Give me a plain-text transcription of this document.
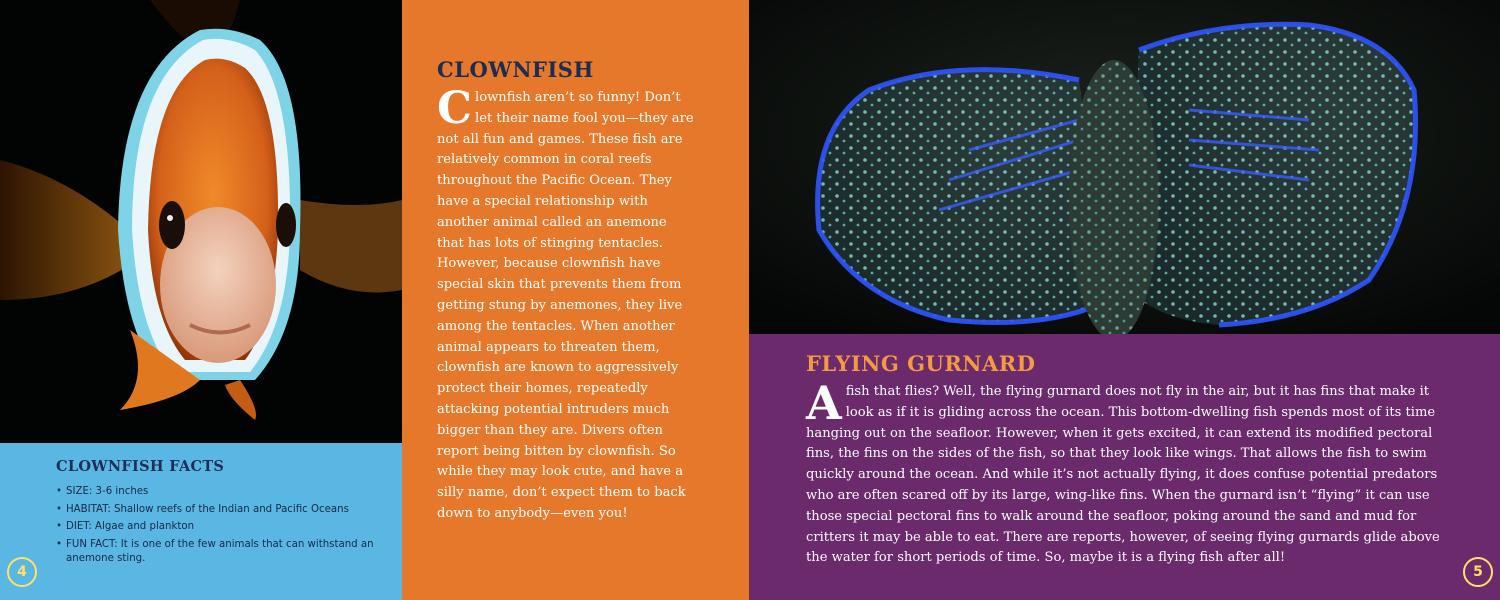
CLOWNFISH FACTS
• SIZE: 3-6 inches
• HABITAT: Shallow reefs of the Indian and Pacific Oceans
• DIET: Algae and plankton
• FUN FACT: It is one of the few animals that can withstand an anemone sting.
4
CLOWNFISH
Clownfish aren’t so funny! Don’t let their name fool you—they are not all fun and games. These fish are relatively common in coral reefs throughout the Pacific Ocean. They have a special relationship with another animal called an anemone that has lots of stinging tentacles. However, because clownfish have special skin that prevents them from getting stung by anemones, they live among the tentacles. When another animal appears to threaten them, clownfish are known to aggressively protect their homes, repeatedly attacking potential intruders much bigger than they are. Divers often report being bitten by clownfish. So while they may look cute, and have a silly name, don’t expect them to back down to anybody—even you!
FLYING GURNARD
A fish that flies? Well, the flying gurnard does not fly in the air, but it has fins that make it look as if it is gliding across the ocean. This bottom-dwelling fish spends most of its time hanging out on the seafloor. However, when it gets excited, it can extend its modified pectoral fins, the fins on the sides of the fish, so that they look like wings. That allows the fish to swim quickly around the ocean. And while it’s not actually flying, it does confuse potential predators who are often scared off by its large, wing-like fins. When the gurnard isn’t “flying” it can use those special pectoral fins to walk around the seafloor, poking around the sand and mud for critters it may be able to eat. There are reports, however, of seeing flying gurnards glide above the water for short periods of time. So, maybe it is a flying fish after all!
5
